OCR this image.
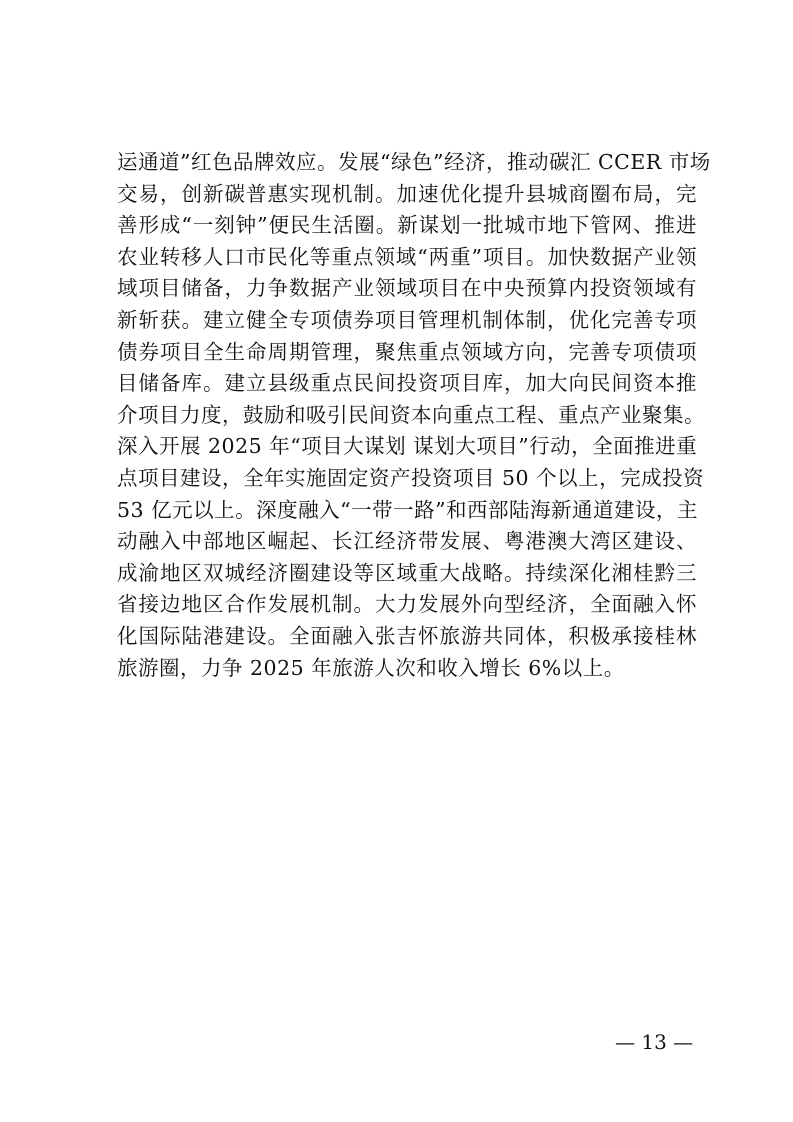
运通道”红色品牌效应。发展“绿色”经济，推动碳汇 CCER 市场
交易，创新碳普惠实现机制。加速优化提升县城商圈布局，完
善形成“一刻钟”便民生活圈。新谋划一批城市地下管网、推进
农业转移人口市民化等重点领域“两重”项目。加快数据产业领
域项目储备，力争数据产业领域项目在中央预算内投资领域有
新斩获。建立健全专项债券项目管理机制体制，优化完善专项
债券项目全生命周期管理，聚焦重点领域方向，完善专项债项
目储备库。建立县级重点民间投资项目库，加大向民间资本推
介项目力度，鼓励和吸引民间资本向重点工程、重点产业聚集。
深入开展 2025 年“项目大谋划 谋划大项目”行动，全面推进重
点项目建设，全年实施固定资产投资项目 50 个以上，完成投资
53 亿元以上。深度融入“一带一路”和西部陆海新通道建设，主
动融入中部地区崛起、长江经济带发展、粤港澳大湾区建设、
成渝地区双城经济圈建设等区域重大战略。持续深化湘桂黔三
省接边地区合作发展机制。大力发展外向型经济，全面融入怀
化国际陆港建设。全面融入张吉怀旅游共同体，积极承接桂林
旅游圈，力争 2025 年旅游人次和收入增长 6%以上。
— 13 —
